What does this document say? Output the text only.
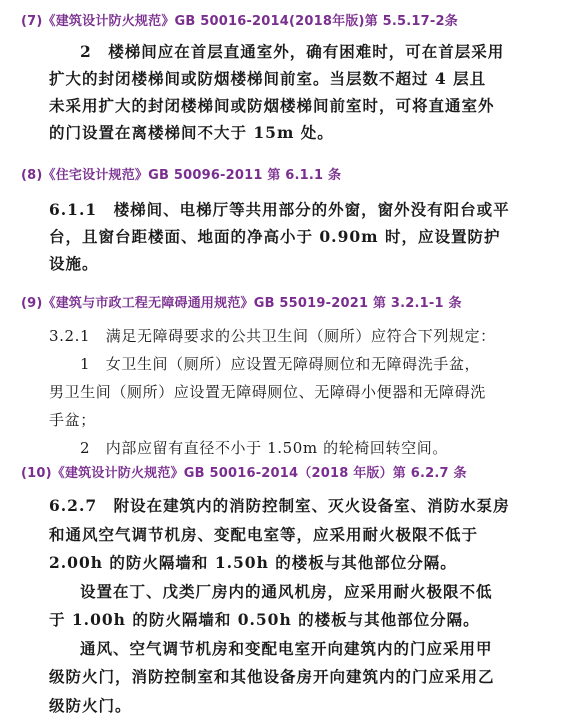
(7)《建筑设计防火规范》GB 50016-2014(2018年版)第 5.5.17-2条
2　楼梯间应在首层直通室外，确有困难时，可在首层采用
扩大的封闭楼梯间或防烟楼梯间前室。当层数不超过 4 层且
未采用扩大的封闭楼梯间或防烟楼梯间前室时，可将直通室外
的门设置在离楼梯间不大于 15m 处。
(8)《住宅设计规范》GB 50096-2011 第 6.1.1 条
6.1.1　楼梯间、电梯厅等共用部分的外窗，窗外没有阳台或平
台，且窗台距楼面、地面的净高小于 0.90m 时，应设置防护
设施。
(9)《建筑与市政工程无障碍通用规范》GB 55019-2021 第 3.2.1-1 条
3.2.1　满足无障碍要求的公共卫生间（厕所）应符合下列规定：
1　女卫生间（厕所）应设置无障碍厕位和无障碍洗手盆，
男卫生间（厕所）应设置无障碍厕位、无障碍小便器和无障碍洗
手盆；
2　内部应留有直径不小于 1.50m 的轮椅回转空间。
(10)《建筑设计防火规范》GB 50016-2014（2018 年版）第 6.2.7 条
6.2.7　附设在建筑内的消防控制室、灭火设备室、消防水泵房
和通风空气调节机房、变配电室等，应采用耐火极限不低于
2.00h 的防火隔墙和 1.50h 的楼板与其他部位分隔。
设置在丁、戊类厂房内的通风机房，应采用耐火极限不低
于 1.00h 的防火隔墙和 0.50h 的楼板与其他部位分隔。
通风、空气调节机房和变配电室开向建筑内的门应采用甲
级防火门，消防控制室和其他设备房开向建筑内的门应采用乙
级防火门。
